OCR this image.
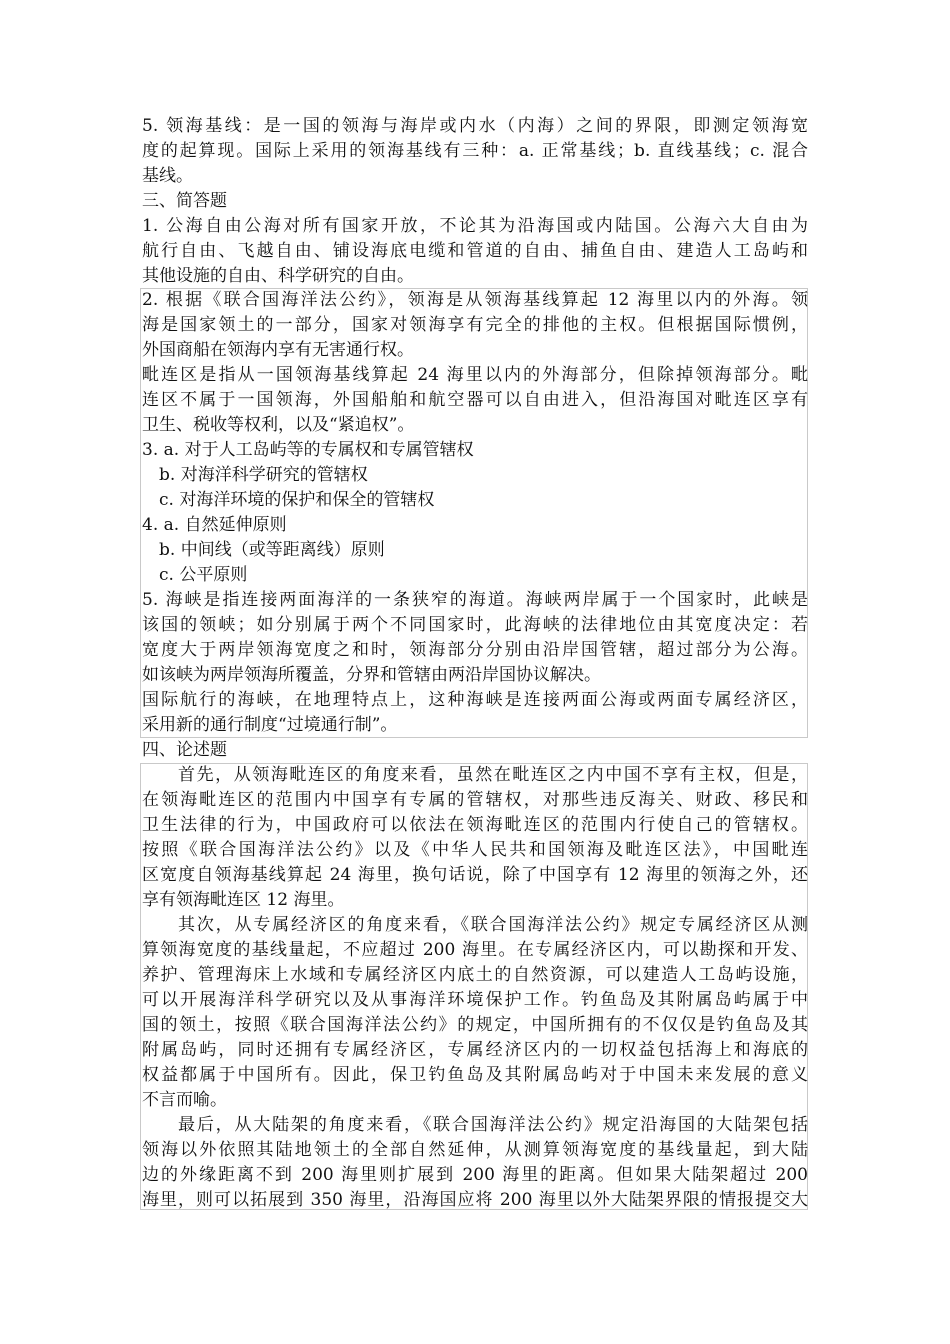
5. 领海基线：是一国的领海与海岸或内水（内海）之间的界限，即测定领海宽
度的起算现。国际上采用的领海基线有三种：a. 正常基线；b. 直线基线；c. 混合
基线。
三、简答题
1. 公海自由公海对所有国家开放，不论其为沿海国或内陆国。公海六大自由为
航行自由、飞越自由、铺设海底电缆和管道的自由、捕鱼自由、建造人工岛屿和
其他设施的自由、科学研究的自由。
2. 根据《联合国海洋法公约》，领海是从领海基线算起 12 海里以内的外海。领
海是国家领土的一部分，国家对领海享有完全的排他的主权。但根据国际惯例，
外国商船在领海内享有无害通行权。
毗连区是指从一国领海基线算起 24 海里以内的外海部分，但除掉领海部分。毗
连区不属于一国领海，外国船舶和航空器可以自由进入，但沿海国对毗连区享有
卫生、税收等权利，以及“紧追权”。
3. a. 对于人工岛屿等的专属权和专属管辖权
b. 对海洋科学研究的管辖权
c. 对海洋环境的保护和保全的管辖权
4. a. 自然延伸原则
b. 中间线（或等距离线）原则
c. 公平原则
5. 海峡是指连接两面海洋的一条狭窄的海道。海峡两岸属于一个国家时，此峡是
该国的领峡；如分别属于两个不同国家时，此海峡的法律地位由其宽度决定：若
宽度大于两岸领海宽度之和时，领海部分分别由沿岸国管辖，超过部分为公海。
如该峡为两岸领海所覆盖，分界和管辖由两沿岸国协议解决。
国际航行的海峡，在地理特点上，这种海峡是连接两面公海或两面专属经济区，
采用新的通行制度“过境通行制”。
四、论述题
首先，从领海毗连区的角度来看，虽然在毗连区之内中国不享有主权，但是，
在领海毗连区的范围内中国享有专属的管辖权，对那些违反海关、财政、移民和
卫生法律的行为，中国政府可以依法在领海毗连区的范围内行使自己的管辖权。
按照《联合国海洋法公约》以及《中华人民共和国领海及毗连区法》，中国毗连
区宽度自领海基线算起 24 海里，换句话说，除了中国享有 12 海里的领海之外，还
享有领海毗连区 12 海里。
其次，从专属经济区的角度来看，《联合国海洋法公约》规定专属经济区从测
算领海宽度的基线量起，不应超过 200 海里。在专属经济区内，可以勘探和开发、
养护、管理海床上水域和专属经济区内底土的自然资源，可以建造人工岛屿设施，
可以开展海洋科学研究以及从事海洋环境保护工作。钓鱼岛及其附属岛屿属于中
国的领土，按照《联合国海洋法公约》的规定，中国所拥有的不仅仅是钓鱼岛及其
附属岛屿，同时还拥有专属经济区，专属经济区内的一切权益包括海上和海底的
权益都属于中国所有。因此，保卫钓鱼岛及其附属岛屿对于中国未来发展的意义
不言而喻。
最后，从大陆架的角度来看，《联合国海洋法公约》规定沿海国的大陆架包括
领海以外依照其陆地领土的全部自然延伸，从测算领海宽度的基线量起，到大陆
边的外缘距离不到 200 海里则扩展到 200 海里的距离。但如果大陆架超过 200
海里，则可以拓展到 350 海里，沿海国应将 200 海里以外大陆架界限的情报提交大
